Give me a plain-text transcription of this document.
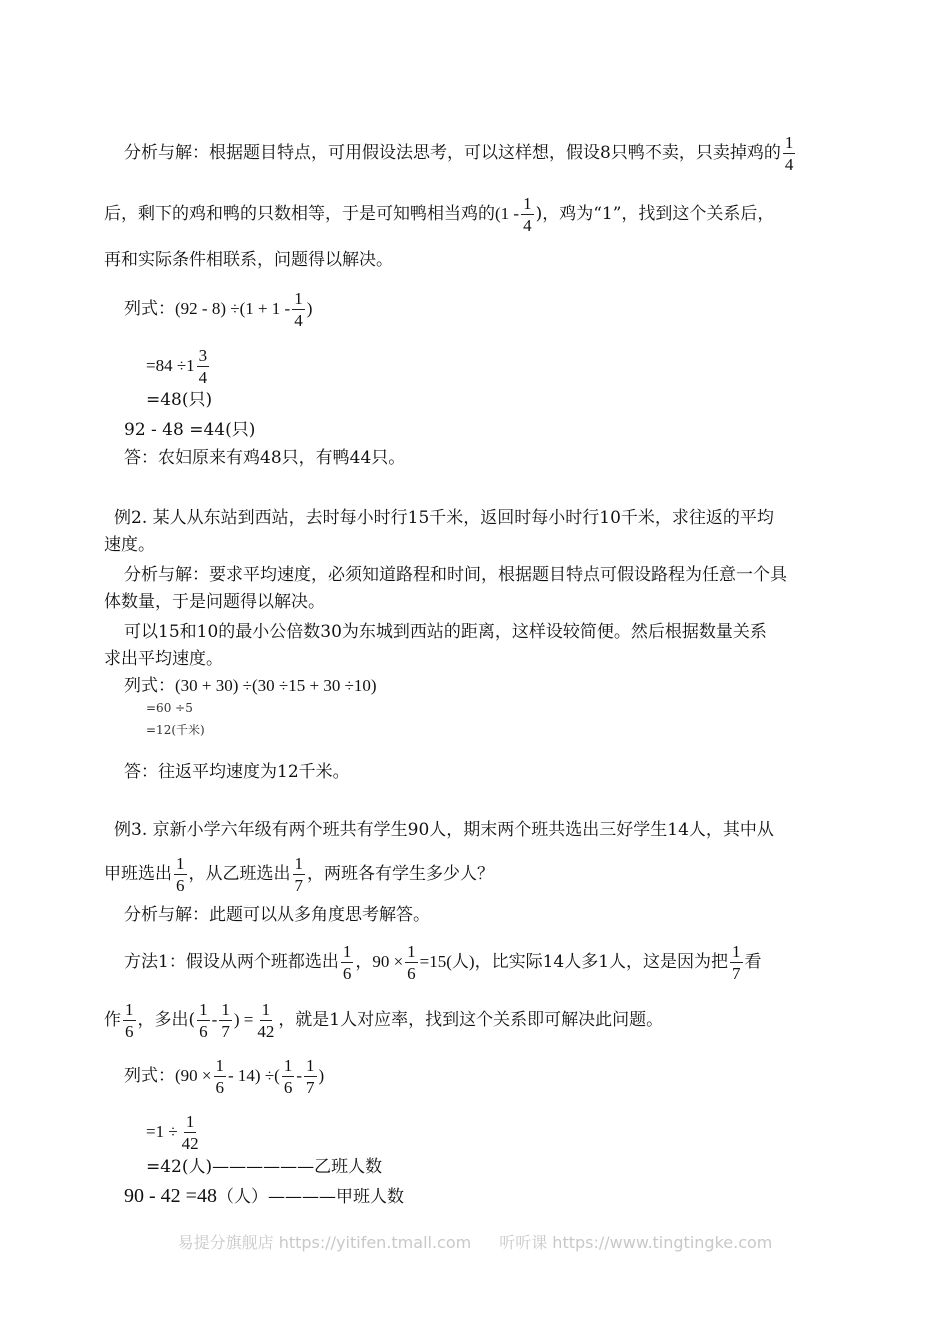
分析与解：根据题目特点，可用假设法思考，可以这样想，假设8只鸭不卖，只卖掉鸡的 $\frac{1}{4}$
后，剩下的鸡和鸭的只数相等，于是可知鸭相当鸡的($1 - \frac{1}{4}$ )，鸡为“1”，找到这个关系后，
再和实际条件相联系，问题得以解决。
列式：$(92 - 8) \div(1 + 1 - \frac{1}{4}$ )
$=84 \div 1 \frac{3}{4}$
=48(只)
92 - 48 =44(只)
答：农妇原来有鸡48只，有鸭44只。
例2. 某人从东站到西站，去时每小时行15千米，返回时每小时行10千米，求往返的平均
速度。
分析与解：要求平均速度，必须知道路程和时间，根据题目特点可假设路程为任意一个具
体数量，于是问题得以解决。
可以15和10的最小公倍数30为东城到西站的距离，这样设较简便。然后根据数量关系
求出平均速度。
列式：(30 + 30) ÷(30 ÷15 + 30 ÷10)
=60 ÷5
=12(千米)
答：往返平均速度为12千米。
例3. 京新小学六年级有两个班共有学生90人，期末两个班共选出三好学生14人，其中从
甲班选出 $\frac{1}{6}$ ，从乙班选出 $\frac{1}{7}$ ，两班各有学生多少人？
分析与解：此题可以从多角度思考解答。
方法1：假设从两个班都选出 $\frac{1}{6}$ ，$90 \times \frac{1}{6} =15$(人)，比实际14人多1人，这是因为把 $\frac{1}{7}$ 看
作 $\frac{1}{6}$ ，多出( $\frac{1}{6} - \frac{1}{7}$ ) = $\frac{1}{42}$ ，就是1人对应率，找到这个关系即可解决此问题。
列式：$(90 \times \frac{1}{6} - 14)$ ÷( $\frac{1}{6} - \frac{1}{7}$ )
$=1 \div \frac{1}{42}$
=42(人)——————乙班人数
90 - 42 =48（人）————甲班人数
易提分旗舰店 https://yitifen.tmall.com 听听课 https://www.tingtingke.com
